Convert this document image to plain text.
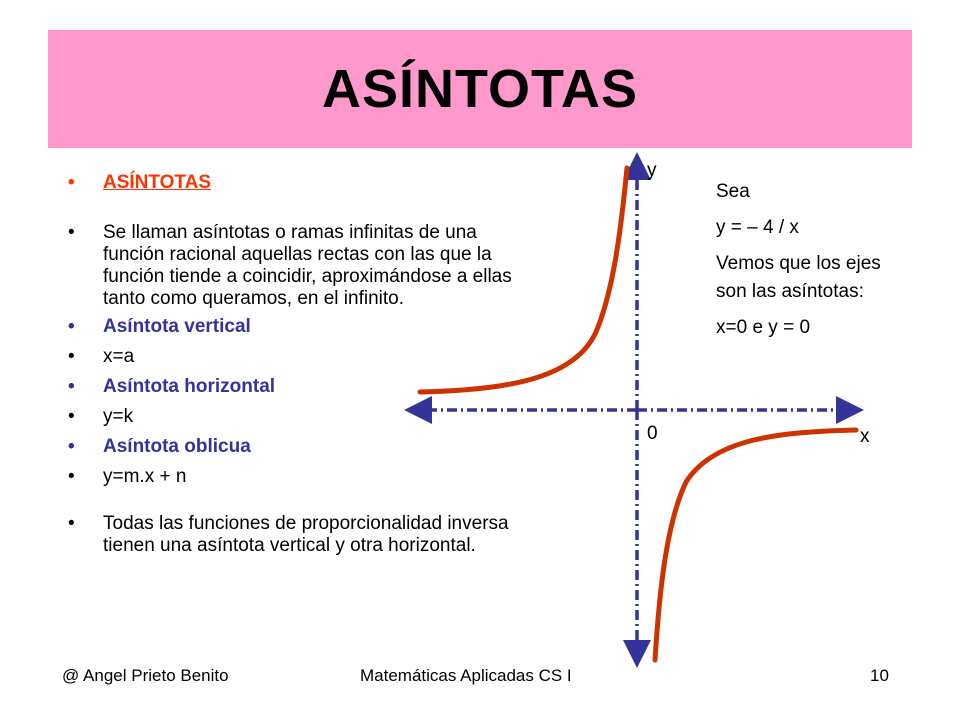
ASÍNTOTAS
• ASÍNTOTAS
• Se llaman asíntotas o ramas infinitas de una función racional aquellas rectas con las que la función tiende a coincidir, aproximándose a ellas tanto como queramos, en el infinito.
• Asíntota vertical
• x=a
• Asíntota horizontal
• y=k
• Asíntota oblicua
• y=m.x + n
• Todas las funciones de proporcionalidad inversa tienen una asíntota vertical y otra horizontal.
y
x
0

Sea

y = – 4 / x

Vemos que los ejes son las asíntotas:

x=0 e y = 0

@ Angel Prieto Benito	Matemáticas Aplicadas CS I	10
